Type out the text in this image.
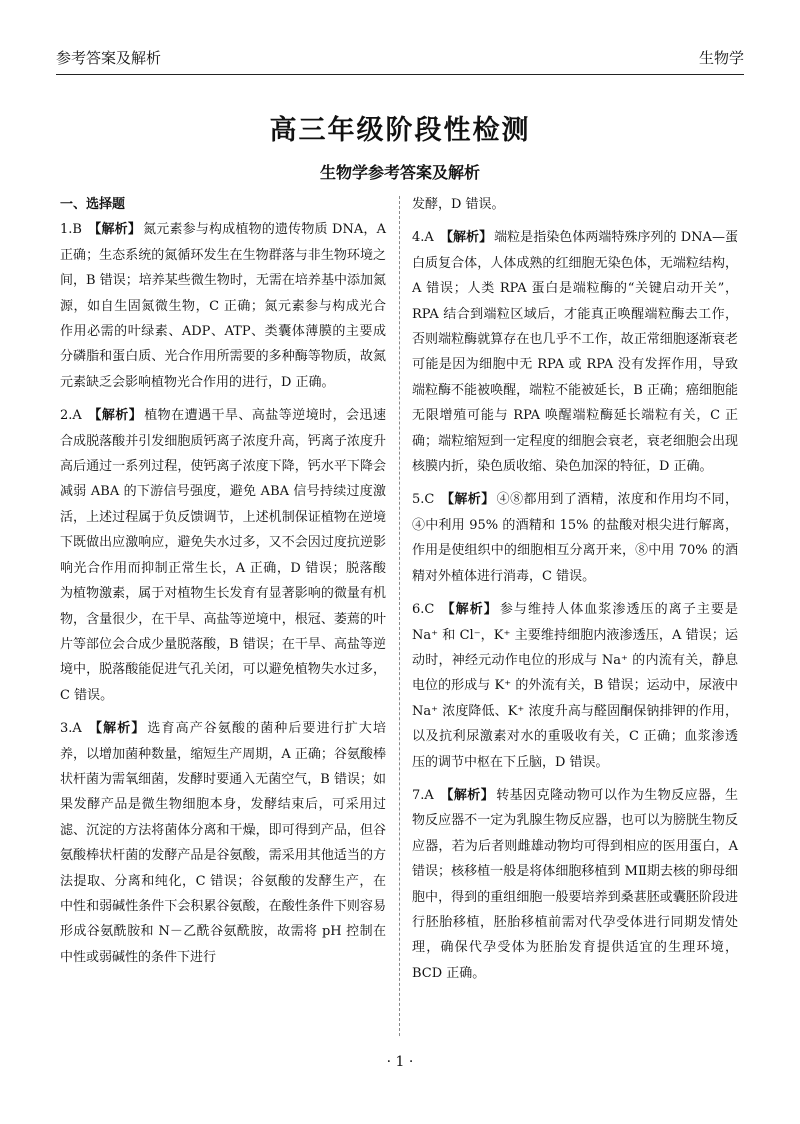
参考答案及解析	生物学
高三年级阶段性检测
生物学参考答案及解析
一、选择题
1.B 【解析】 氮元素参与构成植物的遗传物质 DNA，A 正确；生态系统的氮循环发生在生物群落与非生物环境之间，B 错误；培养某些微生物时，无需在培养基中添加氮源，如自生固氮微生物，C 正确；氮元素参与构成光合作用必需的叶绿素、ADP、ATP、类囊体薄膜的主要成分磷脂和蛋白质、光合作用所需要的多种酶等物质，故氮元素缺乏会影响植物光合作用的进行，D 正确。
2.A 【解析】 植物在遭遇干旱、高盐等逆境时，会迅速合成脱落酸并引发细胞质钙离子浓度升高，钙离子浓度升高后通过一系列过程，使钙离子浓度下降，钙水平下降会减弱 ABA 的下游信号强度，避免 ABA 信号持续过度激活，上述过程属于负反馈调节，上述机制保证植物在逆境下既做出应激响应，避免失水过多，又不会因过度抗逆影响光合作用而抑制正常生长，A 正确，D 错误；脱落酸为植物激素，属于对植物生长发育有显著影响的微量有机物，含量很少，在干旱、高盐等逆境中，根冠、萎蔫的叶片等部位会合成少量脱落酸，B 错误；在干旱、高盐等逆境中，脱落酸能促进气孔关闭，可以避免植物失水过多，C 错误。
3.A 【解析】 选育高产谷氨酸的菌种后要进行扩大培养，以增加菌种数量，缩短生产周期，A 正确；谷氨酸棒状杆菌为需氧细菌，发酵时要通入无菌空气，B 错误；如果发酵产品是微生物细胞本身，发酵结束后，可采用过滤、沉淀的方法将菌体分离和干燥，即可得到产品，但谷氨酸棒状杆菌的发酵产品是谷氨酸，需采用其他适当的方法提取、分离和纯化，C 错误；谷氨酸的发酵生产，在中性和弱碱性条件下会积累谷氨酸，在酸性条件下则容易形成谷氨酰胺和 N－乙酰谷氨酰胺，故需将 pH 控制在中性或弱碱性的条件下进行
发酵，D 错误。
4.A 【解析】 端粒是指染色体两端特殊序列的 DNA—蛋白质复合体，人体成熟的红细胞无染色体，无端粒结构，A 错误；人类 RPA 蛋白是端粒酶的“关键启动开关”，RPA 结合到端粒区域后，才能真正唤醒端粒酶去工作，否则端粒酶就算存在也几乎不工作，故正常细胞逐渐衰老可能是因为细胞中无 RPA 或 RPA 没有发挥作用，导致端粒酶不能被唤醒，端粒不能被延长，B 正确；癌细胞能无限增殖可能与 RPA 唤醒端粒酶延长端粒有关，C 正确；端粒缩短到一定程度的细胞会衰老，衰老细胞会出现核膜内折，染色质收缩、染色加深的特征，D 正确。
5.C 【解析】 ④⑧都用到了酒精，浓度和作用均不同，④中利用 95% 的酒精和 15% 的盐酸对根尖进行解离，作用是使组织中的细胞相互分离开来，⑧中用 70% 的酒精对外植体进行消毒，C 错误。
6.C 【解析】 参与维持人体血浆渗透压的离子主要是 Na⁺ 和 Cl⁻，K⁺ 主要维持细胞内液渗透压，A 错误；运动时，神经元动作电位的形成与 Na⁺ 的内流有关，静息电位的形成与 K⁺ 的外流有关，B 错误；运动中，尿液中 Na⁺ 浓度降低、K⁺ 浓度升高与醛固酮保钠排钾的作用，以及抗利尿激素对水的重吸收有关，C 正确；血浆渗透压的调节中枢在下丘脑，D 错误。
7.A 【解析】 转基因克隆动物可以作为生物反应器，生物反应器不一定为乳腺生物反应器，也可以为膀胱生物反应器，若为后者则雌雄动物均可得到相应的医用蛋白，A 错误；核移植一般是将体细胞移植到 MⅡ期去核的卵母细胞中，得到的重组细胞一般要培养到桑葚胚或囊胚阶段进行胚胎移植，胚胎移植前需对代孕受体进行同期发情处理，确保代孕受体为胚胎发育提供适宜的生理环境，BCD 正确。
· 1 ·
